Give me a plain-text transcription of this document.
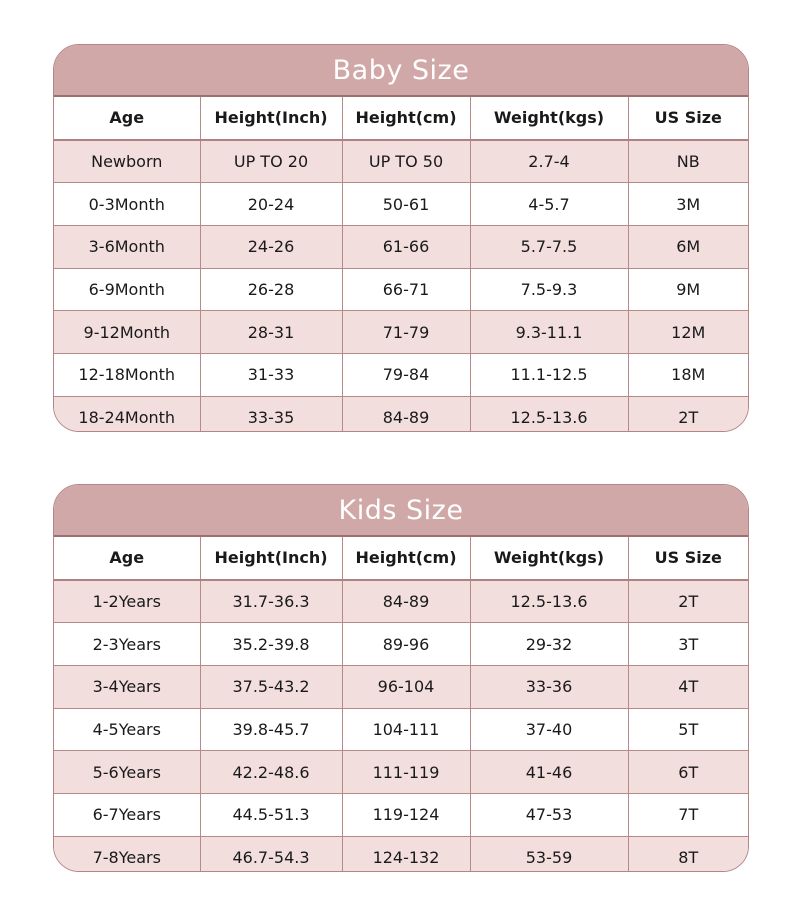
Baby Size
Age	Height(Inch)	Height(cm)	Weight(kgs)	US Size
Newborn	UP TO 20	UP TO 50	2.7-4	NB
0-3Month	20-24	50-61	4-5.7	3M
3-6Month	24-26	61-66	5.7-7.5	6M
6-9Month	26-28	66-71	7.5-9.3	9M
9-12Month	28-31	71-79	9.3-11.1	12M
12-18Month	31-33	79-84	11.1-12.5	18M
18-24Month	33-35	84-89	12.5-13.6	2T
Kids Size
Age	Height(Inch)	Height(cm)	Weight(kgs)	US Size
1-2Years	31.7-36.3	84-89	12.5-13.6	2T
2-3Years	35.2-39.8	89-96	29-32	3T
3-4Years	37.5-43.2	96-104	33-36	4T
4-5Years	39.8-45.7	104-111	37-40	5T
5-6Years	42.2-48.6	111-119	41-46	6T
6-7Years	44.5-51.3	119-124	47-53	7T
7-8Years	46.7-54.3	124-132	53-59	8T
